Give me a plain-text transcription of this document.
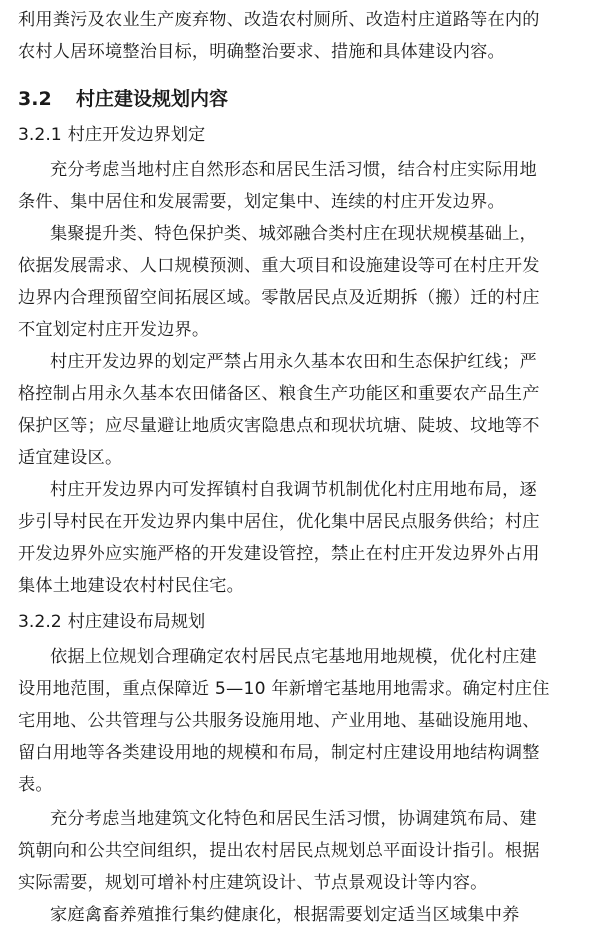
利用粪污及农业生产废弃物、改造农村厕所、改造村庄道路等在内的
农村人居环境整治目标，明确整治要求、措施和具体建设内容。
3.2 村庄建设规划内容
3.2.1 村庄开发边界划定
充分考虑当地村庄自然形态和居民生活习惯，结合村庄实际用地
条件、集中居住和发展需要，划定集中、连续的村庄开发边界。
集聚提升类、特色保护类、城郊融合类村庄在现状规模基础上，
依据发展需求、人口规模预测、重大项目和设施建设等可在村庄开发
边界内合理预留空间拓展区域。零散居民点及近期拆（搬）迁的村庄
不宜划定村庄开发边界。
村庄开发边界的划定严禁占用永久基本农田和生态保护红线；严
格控制占用永久基本农田储备区、粮食生产功能区和重要农产品生产
保护区等；应尽量避让地质灾害隐患点和现状坑塘、陡坡、坟地等不
适宜建设区。
村庄开发边界内可发挥镇村自我调节机制优化村庄用地布局，逐
步引导村民在开发边界内集中居住，优化集中居民点服务供给；村庄
开发边界外应实施严格的开发建设管控，禁止在村庄开发边界外占用
集体土地建设农村村民住宅。
3.2.2 村庄建设布局规划
依据上位规划合理确定农村居民点宅基地用地规模，优化村庄建
设用地范围，重点保障近 5—10 年新增宅基地用地需求。确定村庄住
宅用地、公共管理与公共服务设施用地、产业用地、基础设施用地、
留白用地等各类建设用地的规模和布局，制定村庄建设用地结构调整
表。
充分考虑当地建筑文化特色和居民生活习惯，协调建筑布局、建
筑朝向和公共空间组织，提出农村居民点规划总平面设计指引。根据
实际需要，规划可增补村庄建筑设计、节点景观设计等内容。
家庭禽畜养殖推行集约健康化，根据需要划定适当区域集中养
